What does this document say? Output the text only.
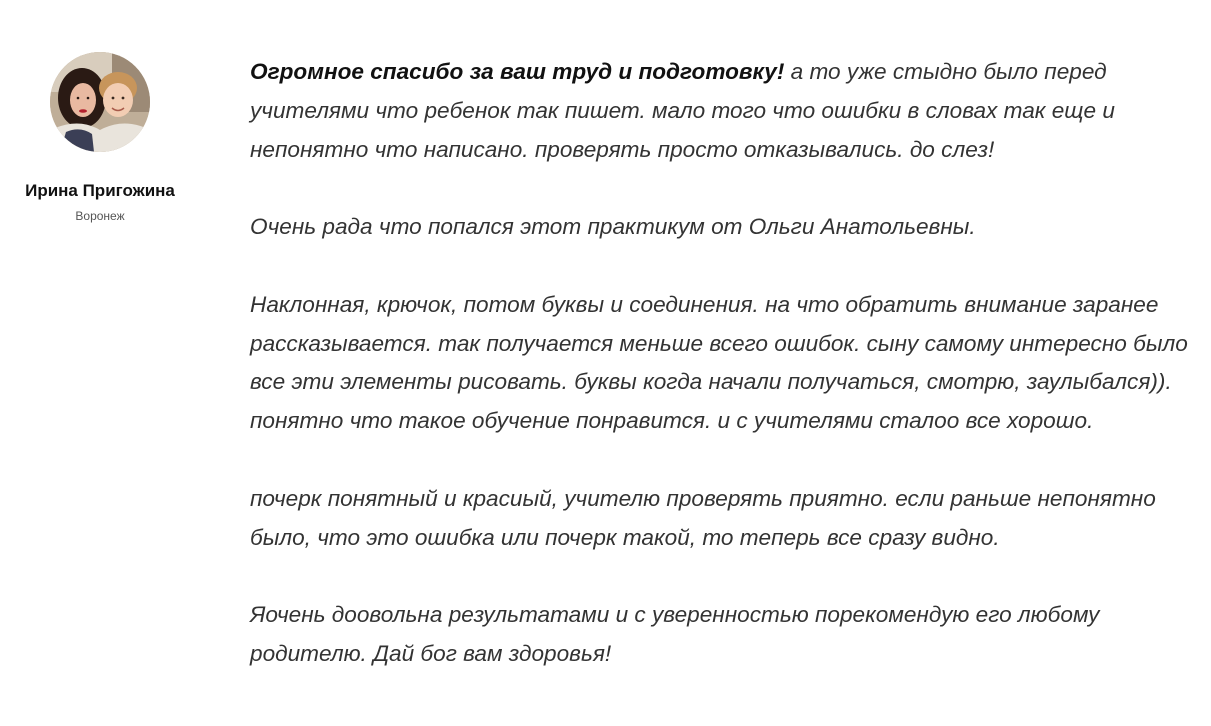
Ирина Пригожина
Воронеж

Огромное спасибо за ваш труд и подготовку! а то уже стыдно было перед учителями что ребенок так пишет. мало того что ошибки в словах так еще и непонятно что написано. проверять просто отказывались. до слез!

Очень рада что попался этот практикум от Ольги Анатольевны.

Наклонная, крючок, потом буквы и соединения. на что обратить внимание заранее рассказывается. так получается меньше всего ошибок. сыну самому интересно было все эти элементы рисовать. буквы когда начали получаться, смотрю, заулыбался)). понятно что такое обучение понравится. и с учителями сталоо все хорошо.

почерк понятный и красиый, учителю проверять приятно. если раньше непонятно было, что это ошибка или почерк такой, то теперь все сразу видно.

Яочень доовольна результатами и с уверенностью порекомендую его любому родителю. Дай бог вам здоровья!
